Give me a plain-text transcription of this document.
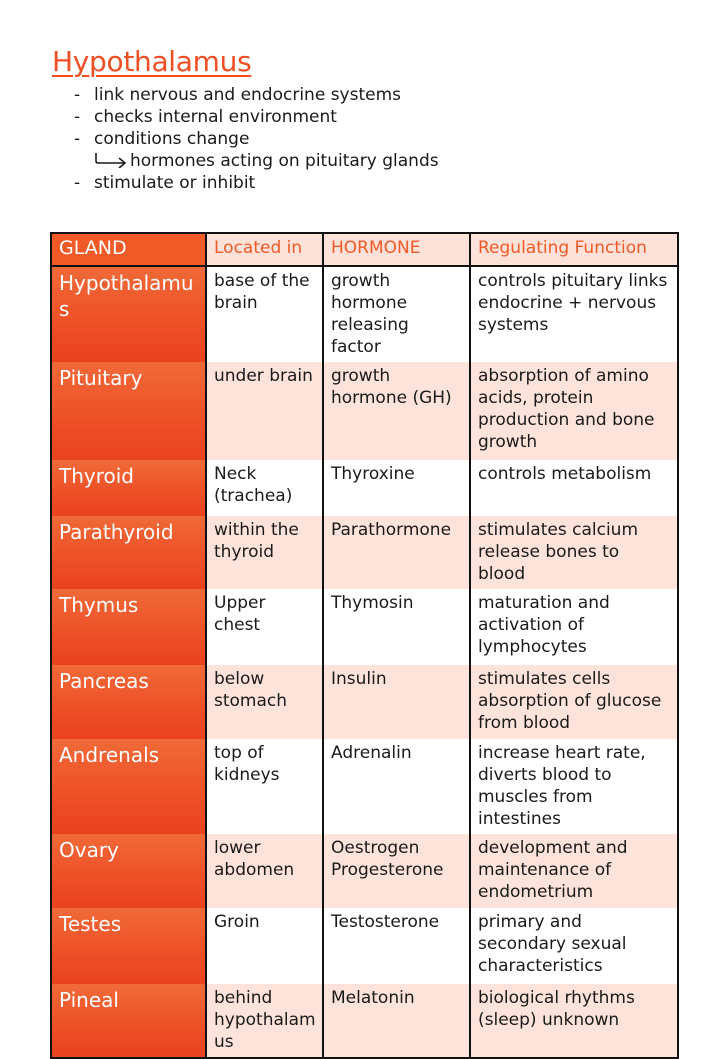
Hypothalamus
- link nervous and endocrine systems
- checks internal environment
- conditions change
hormones acting on pituitary glands
- stimulate or inhibit
GLAND	Located in	HORMONE	Regulating Function
Hypothalamus	base of the brain	growth hormone releasing factor	controls pituitary links endocrine + nervous systems
Pituitary	under brain	growth hormone (GH)	absorption of amino acids, protein production and bone growth
Thyroid	Neck (trachea)	Thyroxine	controls metabolism
Parathyroid	within the thyroid	Parathormone	stimulates calcium release bones to blood
Thymus	Upper chest	Thymosin	maturation and activation of lymphocytes
Pancreas	below stomach	Insulin	stimulates cells absorption of glucose from blood
Andrenals	top of kidneys	Adrenalin	increase heart rate, diverts blood to muscles from intestines
Ovary	lower abdomen	Oestrogen Progesterone	development and maintenance of endometrium
Testes	Groin	Testosterone	primary and secondary sexual characteristics
Pineal	behind hypothalamus	Melatonin	biological rhythms (sleep) unknown
